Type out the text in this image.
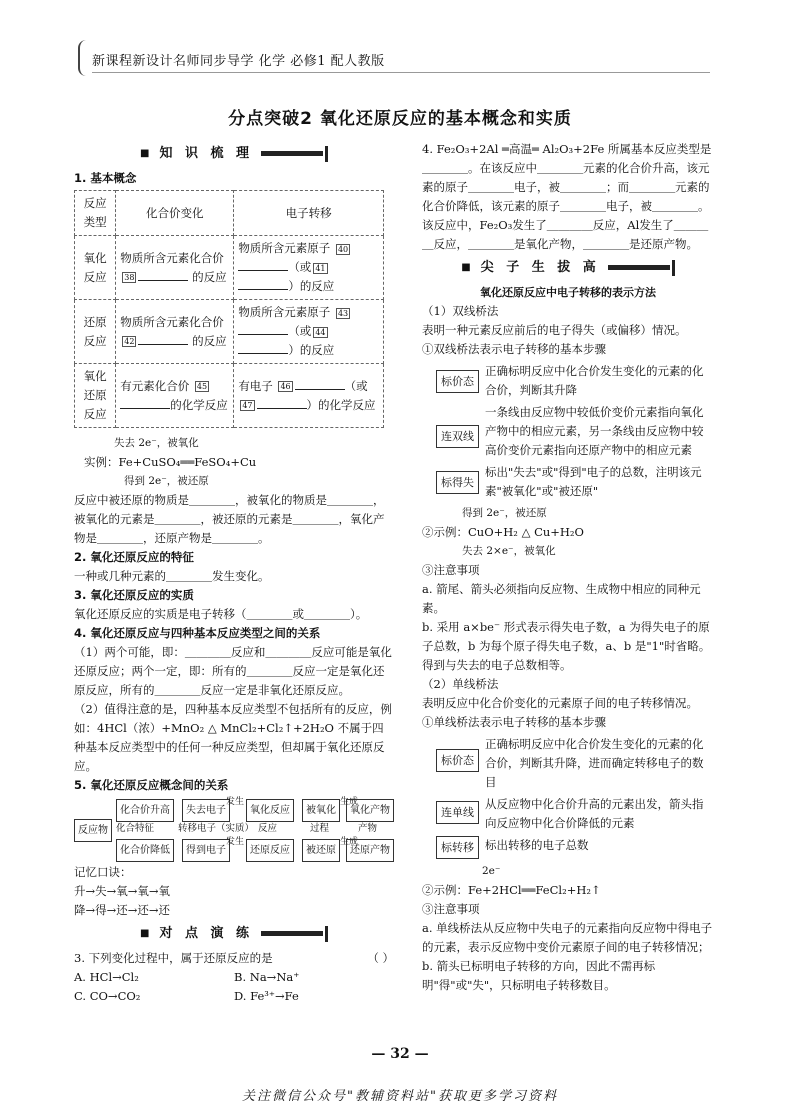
新课程新设计名师同步导学 化学 必修1 配人教版
分点突破2 氧化还原反应的基本概念和实质
■ 知 识 梳 理
1. 基本概念
反应类型	化合价变化	电子转移
氧化反应	物质所含元素化合价 38 的反应	物质所含元素原子 40（或 41）的反应
还原反应	物质所含元素化合价 42 的反应	物质所含元素原子 43（或 44）的反应
氧化还原反应	有元素化合价 45的化学反应	有电子 46 （或47 ）的化学反应
失去 2e⁻，被氧化
实例：Fe+CuSO₄══FeSO₄+Cu
得到 2e⁻，被还原
反应中被还原的物质是＿＿＿＿，被氧化的物质是＿＿＿＿，被氧化的元素是＿＿＿＿，被还原的元素是＿＿＿＿，氧化产物是＿＿＿＿，还原产物是＿＿＿＿。
2. 氧化还原反应的特征
一种或几种元素的＿＿＿＿发生变化。
3. 氧化还原反应的实质
氧化还原反应的实质是电子转移（＿＿＿＿或＿＿＿＿）。
4. 氧化还原反应与四种基本反应类型之间的关系
（1）两个可能，即：＿＿＿＿反应和＿＿＿＿反应可能是氧化还原反应；两个一定，即：所有的＿＿＿＿反应一定是氧化还原反应，所有的＿＿＿＿反应一定是非氧化还原反应。
（2）值得注意的是，四种基本反应类型不包括所有的反应，例如：4HCl（浓）+MnO₂ △ MnCl₂+Cl₂↑+2H₂O 不属于四种基本反应类型中的任何一种反应类型，但却属于氧化还原反应。
5. 氧化还原反应概念间的关系
反应物
化合价升高	失去电子
发生
氧化反应	被氧化
生成
氧化产物
化合特征	转移电子（实质） 反应	过程	产物
化合价降低	得到电子
发生
还原反应	被还原
生成
还原产物
记忆口诀：
升→失→氧→氧→氧
降→得→还→还→还
■ 对 点 演 练
3. 下列变化过程中，属于还原反应的是	（ ）
A. HCl→Cl₂	B. Na→Na⁺
C. CO→CO₂	D. Fe³⁺→Fe
4. Fe₂O₃+2Al ═高温═ Al₂O₃+2Fe 所属基本反应类型是＿＿＿＿。在该反应中＿＿＿＿元素的化合价升高，该元素的原子＿＿＿＿电子，被＿＿＿＿；而＿＿＿＿元素的化合价降低，该元素的原子＿＿＿＿电子，被＿＿＿＿。该反应中，Fe₂O₃发生了＿＿＿＿反应，Al发生了＿＿＿＿反应，＿＿＿＿是氧化产物，＿＿＿＿是还原产物。
■ 尖 子 生 拔 高
氧化还原反应中电子转移的表示方法
（1）双线桥法
表明一种元素反应前后的电子得失（或偏移）情况。
①双线桥法表示电子转移的基本步骤
标价态
正确标明反应中化合价发生变化的元素的化合价，判断其升降
连双线
一条线由反应物中较低价变价元素指向氧化产物中的相应元素，另一条线由反应物中较高价变价元素指向还原产物中的相应元素
标得失
标出"失去"或"得到"电子的总数，注明该元素"被氧化"或"被还原"
得到 2e⁻，被还原
②示例：CuO+H₂ △ Cu+H₂O
失去 2×e⁻，被氧化
③注意事项
a. 箭尾、箭头必须指向反应物、生成物中相应的同种元素。
b. 采用 a×be⁻ 形式表示得失电子数，a 为得失电子的原子总数，b 为每个原子得失电子数，a、b 是"1"时省略。得到与失去的电子总数相等。
（2）单线桥法
表明反应中化合价变化的元素原子间的电子转移情况。
①单线桥法表示电子转移的基本步骤
标价态
正确标明反应中化合价发生变化的元素的化合价，判断其升降，进而确定转移电子的数目
连单线
从反应物中化合价升高的元素出发，箭头指向反应物中化合价降低的元素
标转移 标出转移的电子总数
2e⁻
②示例：Fe+2HCl══FeCl₂+H₂↑
③注意事项
a. 单线桥法从反应物中失电子的元素指向反应物中得电子的元素，表示反应物中变价元素原子间的电子转移情况；
b. 箭头已标明电子转移的方向，因此不需再标明"得"或"失"，只标明电子转移数目。
— 32 —
关注微信公众号"教辅资料站"获取更多学习资料
